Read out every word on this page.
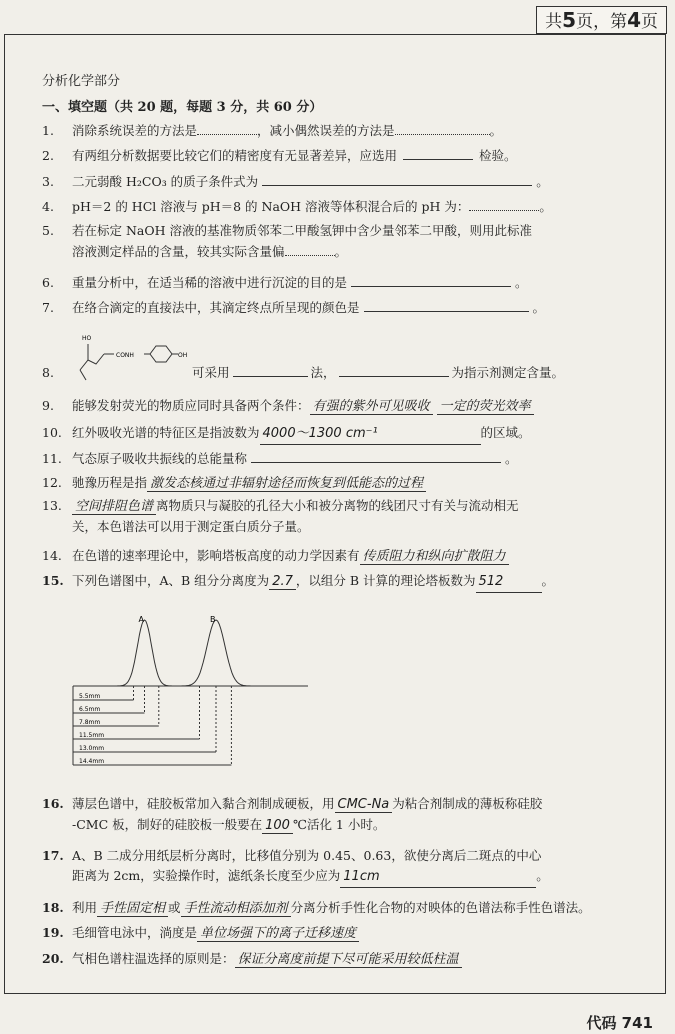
共5页，第4页
分析化学部分
一、填空题（共 20 题，每题 3 分，共 60 分）
1. 消除系统误差的方法是	，减小偶然误差的方法是	。
2. 有两组分析数据要比较它们的精密度有无显著差异，应选用	检验。
3. 二元弱酸 H₂CO₃ 的质子条件式为	。
4. pH＝2 的 HCl 溶液与 pH＝8 的 NaOH 溶液等体积混合后的 pH 为：	。
5. 若在标定 NaOH 溶液的基准物质邻苯二甲酸氢钾中含少量邻苯二甲酸，则用此标准
溶液测定样品的含量，较其实际含量偏	。
6. 重量分析中，在适当稀的溶液中进行沉淀的目的是	。
7. 在络合滴定的直接法中，其滴定终点所呈现的颜色是	。
HO
CONH	OH
8.	可采用	法，	为指示剂测定含量。
9. 能够发射荧光的物质应同时具备两个条件： 有强的紫外可见吸收 一定的荧光效率
10. 红外吸收光谱的特征区是指波数为 4000～1300 cm⁻¹	的区域。
11. 气态原子吸收共振线的总能量称	。
12. 驰豫历程是指 激发态核通过非辐射途径而恢复到低能态的过程
13. 空间排阻色谱 离物质只与凝胶的孔径大小和被分离物的线团尺寸有关与流动相无
关，本色谱法可以用于测定蛋白质分子量。
14. 在色谱的速率理论中，影响塔板高度的动力学因素有 传质阻力和纵向扩散阻力
15. 下列色谱图中，A、B 组分分离度为 2.7 ，以组分 B 计算的理论塔板数为 512	。
A	B
5.5mm
6.5mm
7.8mm
11.5mm
13.0mm
14.4mm
16. 薄层色谱中，硅胶板常加入黏合剂制成硬板，用 CMC-Na 为粘合剂制成的薄板称硅胶
-CMC 板，制好的硅胶板一般要在 100 ℃活化 1 小时。
17. A、B 二成分用纸层析分离时，比移值分别为 0.45、0.63，欲使分离后二斑点的中心
距离为 2cm，实验操作时，滤纸条长度至少应为 11cm	。
18. 利用 手性固定相 或 手性流动相添加剂 分离分析手性化合物的对映体的色谱法称手性色谱法。
19. 毛细管电泳中，淌度是 单位场强下的离子迁移速度
20. 气相色谱柱温选择的原则是： 保证分离度前提下尽可能采用较低柱温
代码 741
